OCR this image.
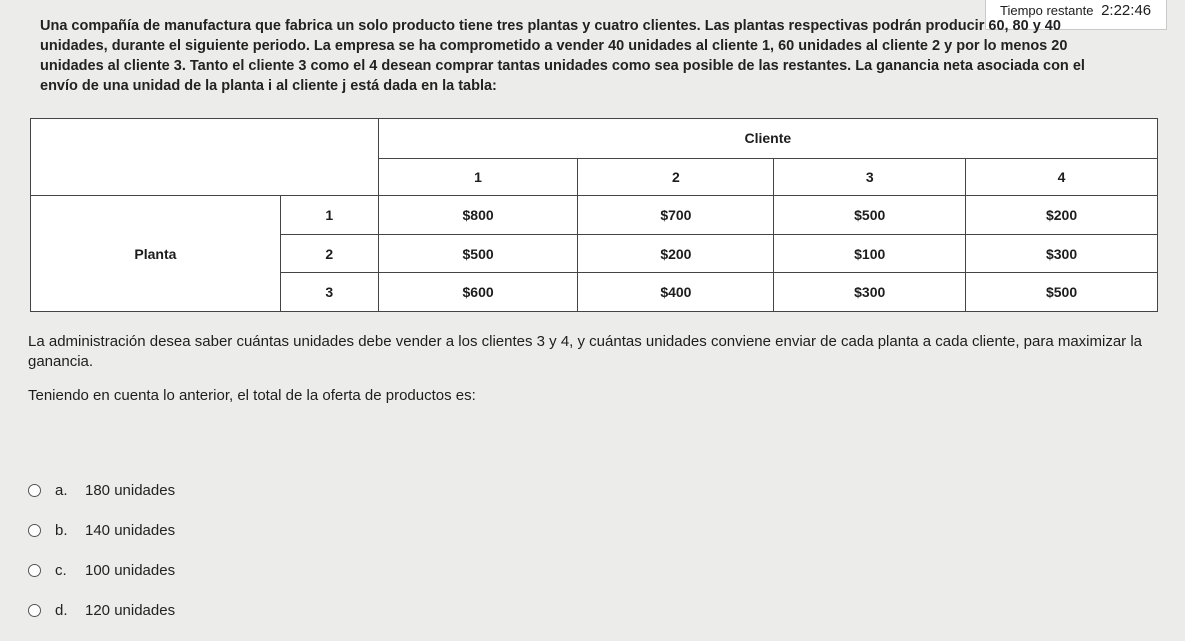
Tiempo restante 2:22:46
Una compañía de manufactura que fabrica un solo producto tiene tres plantas y cuatro clientes. Las plantas respectivas podrán producir 60, 80 y 40 unidades, durante el siguiente periodo. La empresa se ha comprometido a vender 40 unidades al cliente 1, 60 unidades al cliente 2 y por lo menos 20 unidades al cliente 3. Tanto el cliente 3 como el 4 desean comprar tantas unidades como sea posible de las restantes. La ganancia neta asociada con el envío de una unidad de la planta i al cliente j está dada en la tabla:
		Cliente			
		1	2	3	4
Planta	1	$800	$700	$500	$200
	2	$500	$200	$100	$300
	3	$600	$400	$300	$500
La administración desea saber cuántas unidades debe vender a los clientes 3 y 4, y cuántas unidades conviene enviar de cada planta a cada cliente, para maximizar la ganancia.
Teniendo en cuenta lo anterior, el total de la oferta de productos es:
a.	180 unidades
b.	140 unidades
c.	100 unidades
d.	120 unidades
